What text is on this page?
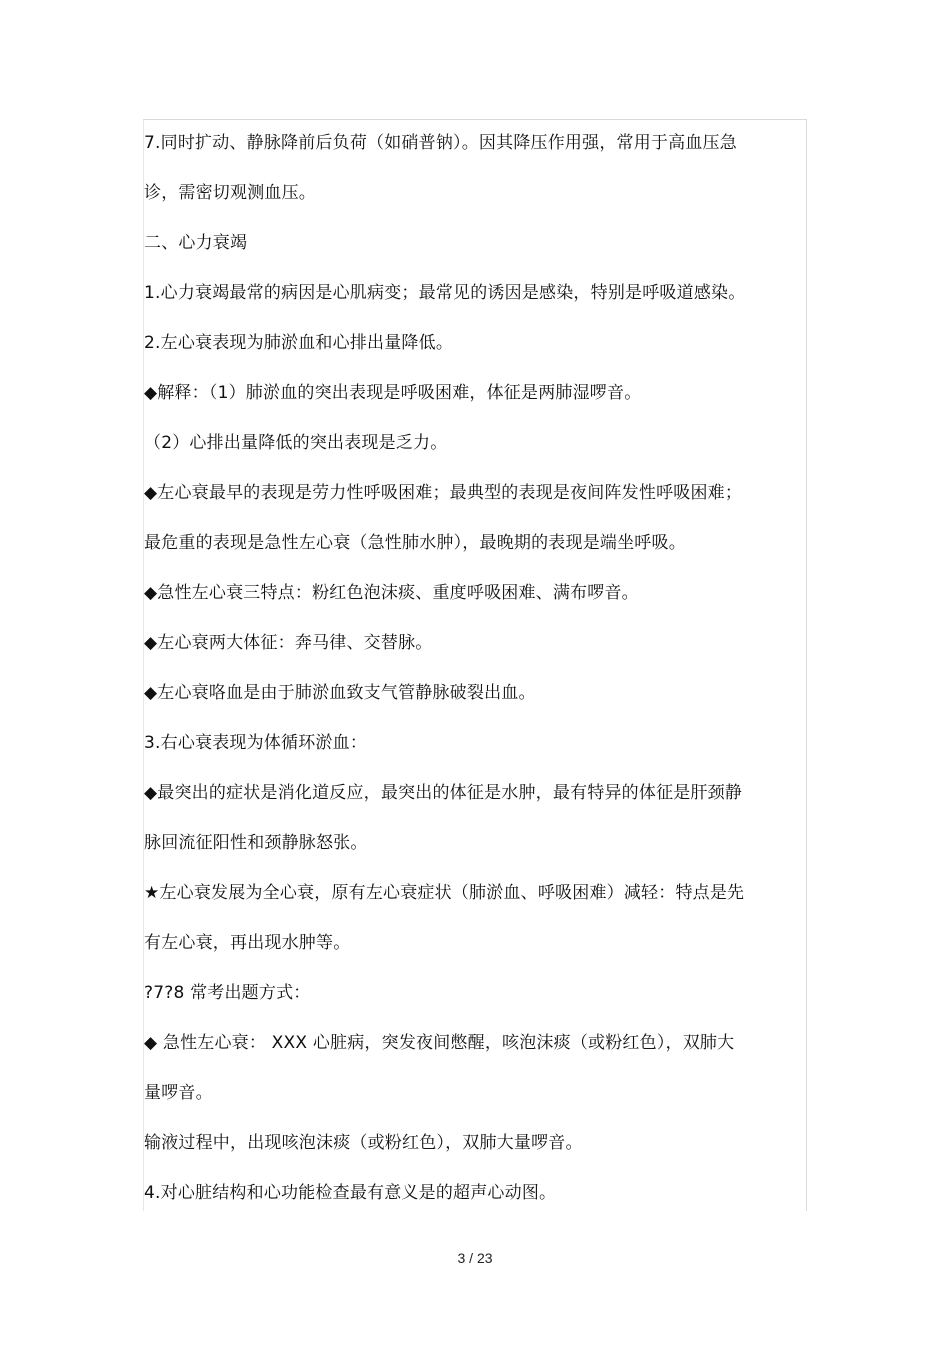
7.同时扩动、静脉降前后负荷（如硝普钠）。因其降压作用强，常用于高血压急
诊，需密切观测血压。
二、心力衰竭
1.心力衰竭最常的病因是心肌病变；最常见的诱因是感染，特别是呼吸道感染。
2.左心衰表现为肺淤血和心排出量降低。
◆解释：（1）肺淤血的突出表现是呼吸困难，体征是两肺湿啰音。
（2）心排出量降低的突出表现是乏力。
◆左心衰最早的表现是劳力性呼吸困难；最典型的表现是夜间阵发性呼吸困难；
最危重的表现是急性左心衰（急性肺水肿），最晚期的表现是端坐呼吸。
◆急性左心衰三特点：粉红色泡沫痰、重度呼吸困难、满布啰音。
◆左心衰两大体征：奔马律、交替脉。
◆左心衰咯血是由于肺淤血致支气管静脉破裂出血。
3.右心衰表现为体循环淤血：
◆最突出的症状是消化道反应，最突出的体征是水肿，最有特异的体征是肝颈静
脉回流征阳性和颈静脉怒张。
★左心衰发展为全心衰，原有左心衰症状（肺淤血、呼吸困难）减轻：特点是先
有左心衰，再出现水肿等。
?7?8 常考出题方式：
◆ 急性左心衰： XXX 心脏病，突发夜间憋醒，咳泡沫痰（或粉红色），双肺大
量啰音。
输液过程中，出现咳泡沫痰（或粉红色），双肺大量啰音。
4.对心脏结构和心功能检查最有意义是的超声心动图。
3 / 23
